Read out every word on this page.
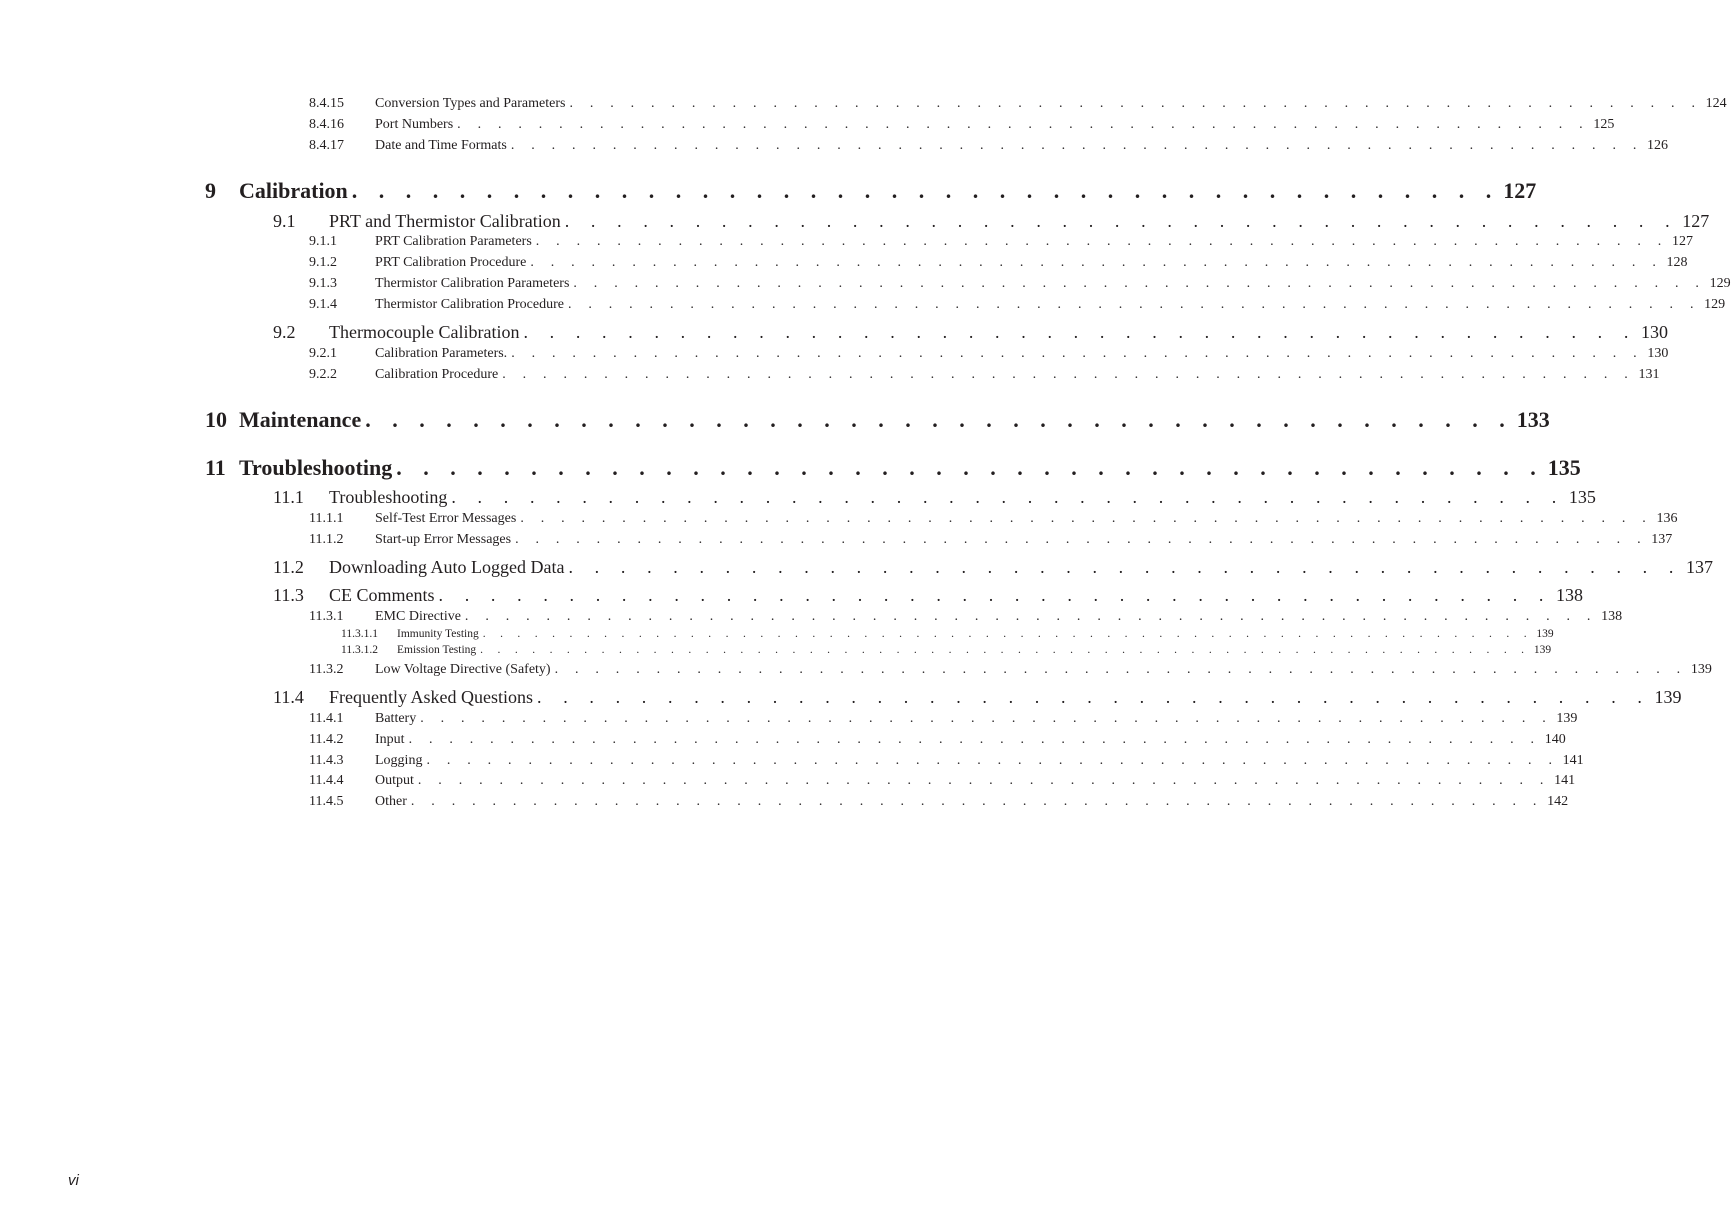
8.4.15	Conversion Types and Parameters . . . . . . . . . . . . . . . . . . . . . . . . . . . . . . . . . . . . . . . . . . . . . . . . . . . . . . . . 124
8.4.16	Port Numbers . . . . . . . . . . . . . . . . . . . . . . . . . . . . . . . . . . . . . . . . . . . . . . . . . . . . . . . . 125
8.4.17	Date and Time Formats . . . . . . . . . . . . . . . . . . . . . . . . . . . . . . . . . . . . . . . . . . . . . . . . . . . . . . . . 126
9	Calibration . . . . . . . . . . . . . . . . . . . . . . . . . . . . . . . . . . . . . . . . . . . 127
9.1	PRT and Thermistor Calibration . . . . . . . . . . . . . . . . . . . . . . . . . . . . . . . . . . . . . . . . . . . 127
9.1.1	PRT Calibration Parameters . . . . . . . . . . . . . . . . . . . . . . . . . . . . . . . . . . . . . . . . . . . . . . . . . . . . . . . . 127
9.1.2	PRT Calibration Procedure . . . . . . . . . . . . . . . . . . . . . . . . . . . . . . . . . . . . . . . . . . . . . . . . . . . . . . . . 128
9.1.3	Thermistor Calibration Parameters . . . . . . . . . . . . . . . . . . . . . . . . . . . . . . . . . . . . . . . . . . . . . . . . . . . . . . . . 129
9.1.4	Thermistor Calibration Procedure . . . . . . . . . . . . . . . . . . . . . . . . . . . . . . . . . . . . . . . . . . . . . . . . . . . . . . . . 129
9.2	Thermocouple Calibration . . . . . . . . . . . . . . . . . . . . . . . . . . . . . . . . . . . . . . . . . . . 130
9.2.1	Calibration Parameters. . . . . . . . . . . . . . . . . . . . . . . . . . . . . . . . . . . . . . . . . . . . . . . . . . . . . . . . . 130
9.2.2	Calibration Procedure . . . . . . . . . . . . . . . . . . . . . . . . . . . . . . . . . . . . . . . . . . . . . . . . . . . . . . . . 131
10 Maintenance . . . . . . . . . . . . . . . . . . . . . . . . . . . . . . . . . . . . . . . . . . . 133
11 Troubleshooting . . . . . . . . . . . . . . . . . . . . . . . . . . . . . . . . . . . . . . . . . . . 135
11.1	Troubleshooting . . . . . . . . . . . . . . . . . . . . . . . . . . . . . . . . . . . . . . . . . . . 135
11.1.1	Self-Test Error Messages . . . . . . . . . . . . . . . . . . . . . . . . . . . . . . . . . . . . . . . . . . . . . . . . . . . . . . . . 136
11.1.2	Start-up Error Messages . . . . . . . . . . . . . . . . . . . . . . . . . . . . . . . . . . . . . . . . . . . . . . . . . . . . . . . . 137
11.2	Downloading Auto Logged Data . . . . . . . . . . . . . . . . . . . . . . . . . . . . . . . . . . . . . . . . . . . 137
11.3	CE Comments . . . . . . . . . . . . . . . . . . . . . . . . . . . . . . . . . . . . . . . . . . . 138
11.3.1	EMC Directive . . . . . . . . . . . . . . . . . . . . . . . . . . . . . . . . . . . . . . . . . . . . . . . . . . . . . . . . 138
11.3.1.1	Immunity Testing . . . . . . . . . . . . . . . . . . . . . . . . . . . . . . . . . . . . . . . . . . . . . . . . . . . . . . . . . . . . . 139
11.3.1.2	Emission Testing . . . . . . . . . . . . . . . . . . . . . . . . . . . . . . . . . . . . . . . . . . . . . . . . . . . . . . . . . . . . . 139
11.3.2	Low Voltage Directive (Safety) . . . . . . . . . . . . . . . . . . . . . . . . . . . . . . . . . . . . . . . . . . . . . . . . . . . . . . . . 139
11.4	Frequently Asked Questions . . . . . . . . . . . . . . . . . . . . . . . . . . . . . . . . . . . . . . . . . . . 139
11.4.1	Battery . . . . . . . . . . . . . . . . . . . . . . . . . . . . . . . . . . . . . . . . . . . . . . . . . . . . . . . . 139
11.4.2	Input . . . . . . . . . . . . . . . . . . . . . . . . . . . . . . . . . . . . . . . . . . . . . . . . . . . . . . . . 140
11.4.3	Logging . . . . . . . . . . . . . . . . . . . . . . . . . . . . . . . . . . . . . . . . . . . . . . . . . . . . . . . . 141
11.4.4	Output . . . . . . . . . . . . . . . . . . . . . . . . . . . . . . . . . . . . . . . . . . . . . . . . . . . . . . . . 141
11.4.5	Other . . . . . . . . . . . . . . . . . . . . . . . . . . . . . . . . . . . . . . . . . . . . . . . . . . . . . . . . 142
vi
